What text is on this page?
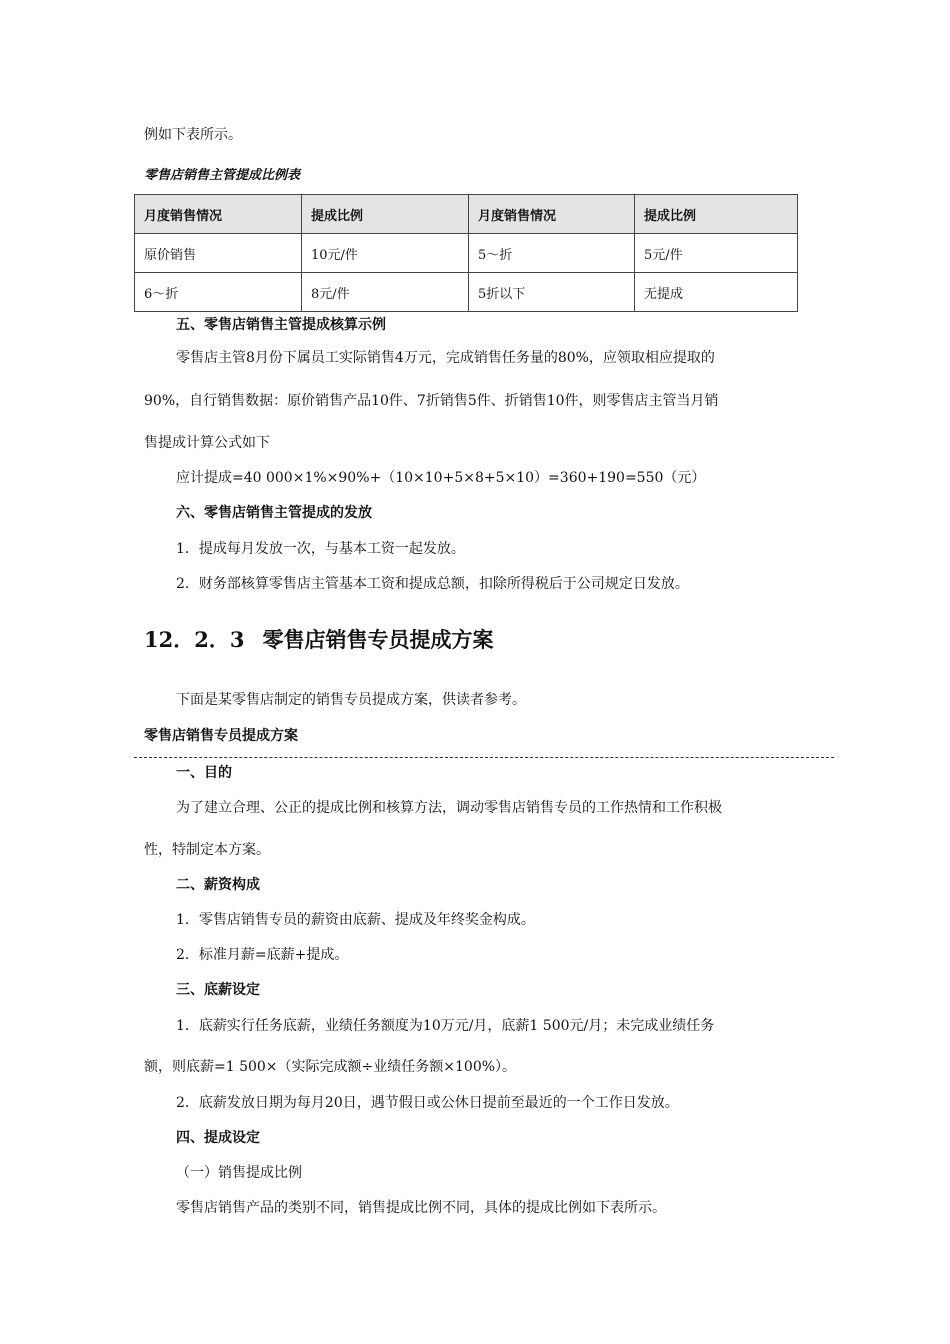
例如下表所示。
零售店销售主管提成比例表
月度销售情况	提成比例	月度销售情况	提成比例
原价销售	10元/件	5～折	5元/件
6～折	8元/件	5折以下	无提成
五、零售店销售主管提成核算示例
零售店主管8月份下属员工实际销售4万元，完成销售任务量的80%，应领取相应提取的
90%，自行销售数据：原价销售产品10件、7折销售5件、折销售10件，则零售店主管当月销
售提成计算公式如下
应计提成=40 000×1%×90%+（10×10+5×8+5×10）=360+190=550（元）
六、零售店销售主管提成的发放
1．提成每月发放一次，与基本工资一起发放。
2．财务部核算零售店主管基本工资和提成总额，扣除所得税后于公司规定日发放。
12．2．3 零售店销售专员提成方案
下面是某零售店制定的销售专员提成方案，供读者参考。
零售店销售专员提成方案
一、目的
为了建立合理、公正的提成比例和核算方法，调动零售店销售专员的工作热情和工作积极
性，特制定本方案。
二、薪资构成
1．零售店销售专员的薪资由底薪、提成及年终奖金构成。
2．标准月薪=底薪+提成。
三、底薪设定
1．底薪实行任务底薪，业绩任务额度为10万元/月，底薪1 500元/月；未完成业绩任务
额，则底薪=1 500×（实际完成额÷业绩任务额×100%）。
2．底薪发放日期为每月20日，遇节假日或公休日提前至最近的一个工作日发放。
四、提成设定
（一）销售提成比例
零售店销售产品的类别不同，销售提成比例不同，具体的提成比例如下表所示。
